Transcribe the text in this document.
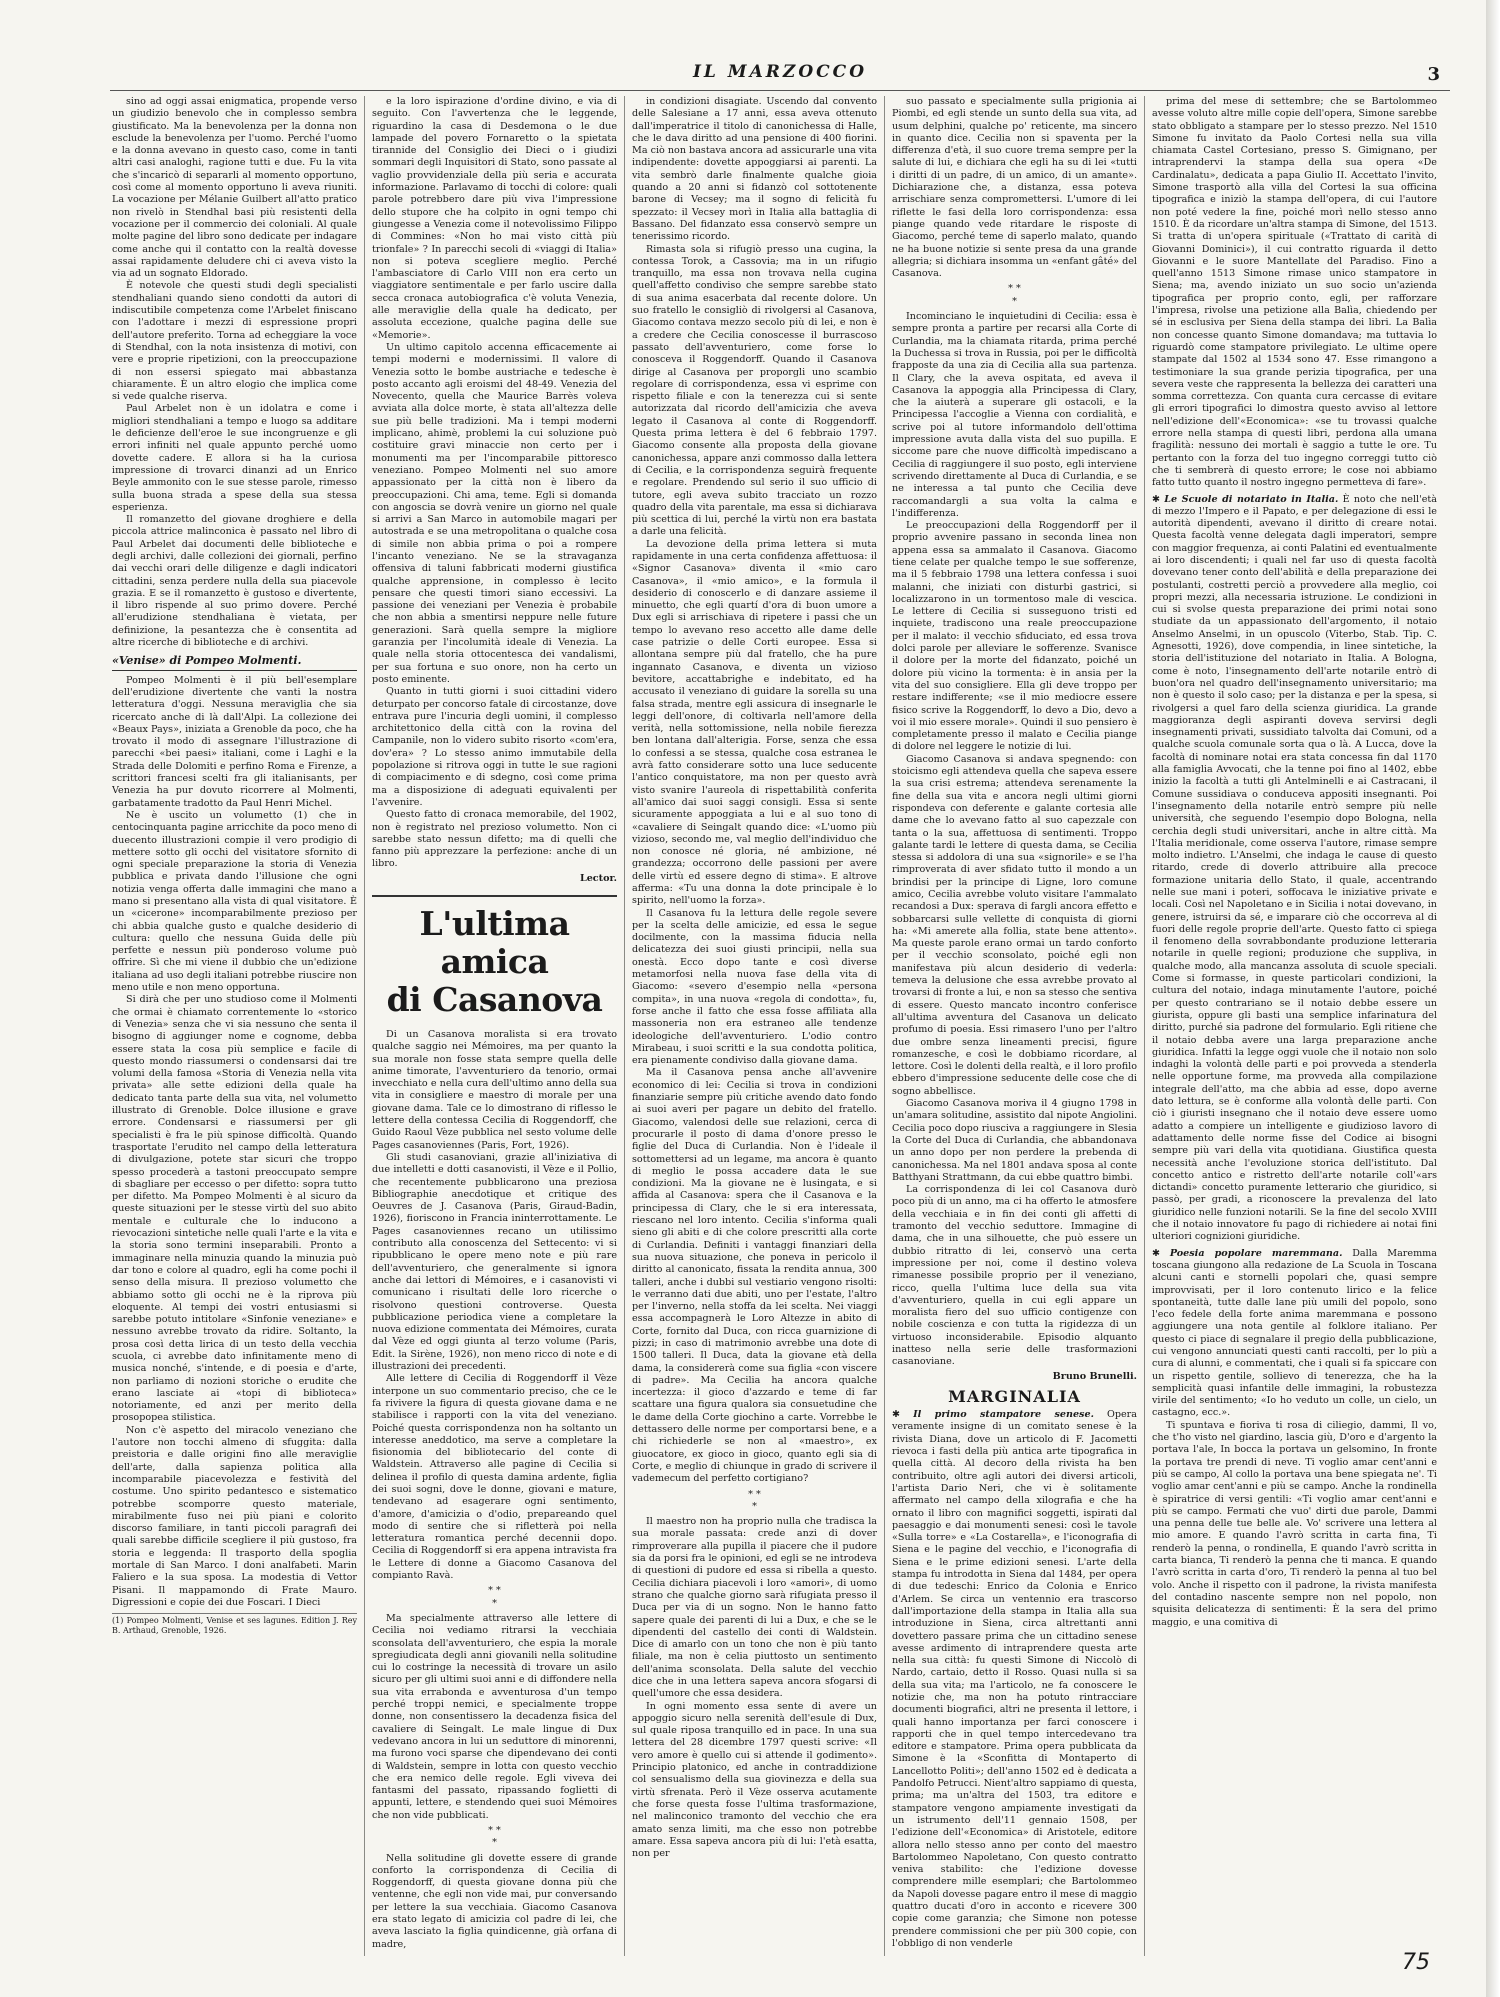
IL MARZOCCO	3

sino ad oggi assai enigmatica, propende verso un giudizio benevolo che in complesso sembra giustificato. Ma la benevolenza per la donna non esclude la benevolenza per l'uomo. Perché l'uomo e la donna avevano in questo caso, come in tanti altri casi analoghi, ragione tutti e due. Fu la vita che s'incaricò di separarli al momento opportuno, così come al momento opportuno li aveva riuniti. La vocazione per Mélanie Guilbert all'atto pratico non rivelò in Stendhal basi più resistenti della vocazione per il commercio dei coloniali. Al quale molte pagine del libro sono dedicate per indagare come anche qui il contatto con la realtà dovesse assai rapidamente deludere chi ci aveva visto la via ad un sognato Eldorado.

È notevole che questi studi degli specialisti stendhaliani quando sieno condotti da autori di indiscutibile competenza come l'Arbelet finiscano con l'adottare i mezzi di espressione propri dell'autore preferito. Torna ad echeggiare la voce di Stendhal, con la nota insistenza di motivi, con vere e proprie ripetizioni, con la preoccupazione di non essersi spiegato mai abbastanza chiaramente. È un altro elogio che implica come si vede qualche riserva.

Paul Arbelet non è un idolatra e come i migliori stendhaliani a tempo e luogo sa additare le deficienze dell'eroe le sue incongruenze e gli errori infiniti nel quale appunto perché uomo dovette cadere. E allora si ha la curiosa impressione di trovarci dinanzi ad un Enrico Beyle ammonito con le sue stesse parole, rimesso sulla buona strada a spese della sua stessa esperienza.

Il romanzetto del giovane droghiere e della piccola attrice malinconica è passato nel libro di Paul Arbelet dai documenti delle biblioteche e degli archivi, dalle collezioni dei giornali, perfino dai vecchi orari delle diligenze e dagli indicatori cittadini, senza perdere nulla della sua piacevole grazia. E se il romanzetto è gustoso e divertente, il libro rispende al suo primo dovere. Perché all'erudizione stendhaliana è vietata, per definizione, la pesantezza che è consentita ad altre ricerche di biblioteche e di archivi.

«Venise» di Pompeo Molmenti.

Pompeo Molmenti è il più bell'esemplare dell'erudizione divertente che vanti la nostra letteratura d'oggi. Nessuna meraviglia che sia ricercato anche di là dall'Alpi. La collezione dei «Beaux Pays», iniziata a Grenoble da poco, che ha trovato il modo di assegnare l'illustrazione di parecchi «bei paesi» italiani, come i Laghi e la Strada delle Dolomiti e perfino Roma e Firenze, a scrittori francesi scelti fra gli italianisants, per Venezia ha pur dovuto ricorrere al Molmenti, garbatamente tradotto da Paul Henri Michel.

Ne è uscito un volumetto (1) che in centocinquanta pagine arricchite da poco meno di duecento illustrazioni compie il vero prodigio di mettere sotto gli occhi del visitatore sfornito di ogni speciale preparazione la storia di Venezia pubblica e privata dando l'illusione che ogni notizia venga offerta dalle immagini che mano a mano si presentano alla vista di qual visitatore. È un «cicerone» incomparabilmente prezioso per chi abbia qualche gusto e qualche desiderio di cultura: quello che nessuna Guida delle più perfette e nessun più ponderoso volume può offrire. Sì che mi viene il dubbio che un'edizione italiana ad uso degli italiani potrebbe riuscire non meno utile e non meno opportuna.

Si dirà che per uno studioso come il Molmenti che ormai è chiamato correntemente lo «storico di Venezia» senza che vi sia nessuno che senta il bisogno di aggiunger nome e cognome, debba essere stata la cosa più semplice e facile di questo mondo riassumersi o condensarsi dai tre volumi della famosa «Storia di Venezia nella vita privata» alle sette edizioni della quale ha dedicato tanta parte della sua vita, nel volumetto illustrato di Grenoble. Dolce illusione e grave errore. Condensarsi e riassumersi per gli specialisti è fra le più spinose difficoltà. Quando trasportate l'erudito nel campo della letteratura di divulgazione, potete star sicuri che troppo spesso procederà a tastoni preoccupato sempre di sbagliare per eccesso o per difetto: sopra tutto per difetto. Ma Pompeo Molmenti è al sicuro da queste situazioni per le stesse virtù del suo abito mentale e culturale che lo inducono a rievocazioni sintetiche nelle quali l'arte e la vita e la storia sono termini inseparabili. Pronto a immaginare nella minuzia quando la minuzia può dar tono e colore al quadro, egli ha come pochi il senso della misura. Il prezioso volumetto che abbiamo sotto gli occhi ne è la riprova più eloquente. Al tempi dei vostri entusiasmi si sarebbe potuto intitolare «Sinfonie veneziane» e nessuno avrebbe trovato da ridire. Soltanto, la prosa così detta lirica di un testo della vecchia scuola, ci avrebbe dato infinitamente meno di musica nonché, s'intende, e di poesia e d'arte, non parliamo di nozioni storiche o erudite che erano lasciate ai «topi di biblioteca» notoriamente, ed anzi per merito della prosopopea stilistica.

Non c'è aspetto del miracolo veneziano che l'autore non tocchi almeno di sfuggita: dalla preistoria e dalle origini fino alle meraviglie dell'arte, dalla sapienza politica alla incomparabile piacevolezza e festività del costume. Uno spirito pedantesco e sistematico potrebbe scomporre questo materiale, mirabilmente fuso nei più piani e colorito discorso familiare, in tanti piccoli paragrafi dei quali sarebbe difficile scegliere il più gustoso, fra storia e leggenda: Il trasporto della spoglia mortale di San Marco. I doni analfabeti. Marin Faliero e la sua sposa. La modestia di Vettor Pisani. Il mappamondo di Frate Mauro. Digressioni e copie dei due Foscari. I Dieci

(1) Pompeo Molmenti, Venise et ses lagunes. Edition J. Rey B. Arthaud, Grenoble, 1926.

e la loro ispirazione d'ordine divino, e via di seguito. Con l'avvertenza che le leggende, riguardino la casa di Desdemona o le due lampade del povero Fornaretto o la spietata tirannide del Consiglio dei Dieci o i giudizi sommari degli Inquisitori di Stato, sono passate al vaglio provvidenziale della più seria e accurata informazione. Parlavamo di tocchi di colore: quali parole potrebbero dare più viva l'impressione dello stupore che ha colpito in ogni tempo chi giungesse a Venezia come il notevolissimo Filippo di Commines: «Non ho mai visto città più trionfale» ? In parecchi secoli di «viaggi di Italia» non si poteva scegliere meglio. Perché l'ambasciatore di Carlo VIII non era certo un viaggiatore sentimentale e per farlo uscire dalla secca cronaca autobiografica c'è voluta Venezia, alle meraviglie della quale ha dedicato, per assoluta eccezione, qualche pagina delle sue «Memorie».

Un ultimo capitolo accenna efficacemente ai tempi moderni e modernissimi. Il valore di Venezia sotto le bombe austriache e tedesche è posto accanto agli eroismi del 48-49. Venezia del Novecento, quella che Maurice Barrès voleva avviata alla dolce morte, è stata all'altezza delle sue più belle tradizioni. Ma i tempi moderni implicano, ahimè, problemi la cui soluzione può costituire gravi minaccie non certo per i monumenti ma per l'incomparabile pittoresco veneziano. Pompeo Molmenti nel suo amore appassionato per la città non è libero da preoccupazioni. Chi ama, teme. Egli si domanda con angoscia se dovrà venire un giorno nel quale si arrivi a San Marco in automobile magari per autostrada e se una metropolitana o qualche cosa di simile non abbia prima o poi a rompere l'incanto veneziano. Ne se la stravaganza offensiva di taluni fabbricati moderni giustifica qualche apprensione, in complesso è lecito pensare che questi timori siano eccessivi. La passione dei veneziani per Venezia è probabile che non abbia a smentirsi neppure nelle future generazioni. Sarà quella sempre la migliore garanzia per l'incolumità ideale di Venezia. La quale nella storia ottocentesca dei vandalismi, per sua fortuna e suo onore, non ha certo un posto eminente.

Quanto in tutti giorni i suoi cittadini videro deturpato per concorso fatale di circostanze, dove entrava pure l'incuria degli uomini, il complesso architettonico della città con la rovina del Campanile, non lo videro subito risorto «com'era, dov'era» ? Lo stesso animo immutabile della popolazione si ritrova oggi in tutte le sue ragioni di compiacimento e di sdegno, così come prima ma a disposizione di adeguati equivalenti per l'avvenire.

Questo fatto di cronaca memorabile, del 1902, non è registrato nel prezioso volumetto. Non ci sarebbe stato nessun difetto; ma di quelli che fanno più apprezzare la perfezione: anche di un libro.

Lector.

L'ultima amica
di Casanova

Di un Casanova moralista si era trovato qualche saggio nei Mémoires, ma per quanto la sua morale non fosse stata sempre quella delle anime timorate, l'avventuriero da tenorio, ormai invecchiato e nella cura dell'ultimo anno della sua vita in consigliere e maestro di morale per una giovane dama. Tale ce lo dimostrano di riflesso le lettere della contessa Cecilia di Roggendorff, che Guido Raoul Vèze pubblica nel sesto volume delle Pages casanoviennes (Paris, Fort, 1926).

Gli studi casanoviani, grazie all'iniziativa di due intelletti e dotti casanovisti, il Vèze e il Pollio, che recentemente pubblicarono una preziosa Bibliographie anecdotique et critique des Oeuvres de J. Casanova (Paris, Giraud-Badin, 1926), fioriscono in Francia ininterrottamente. Le Pages casanoviennes recano un utilissimo contributo alla conoscenza del Settecento: vi si ripubblicano le opere meno note e più rare dell'avventuriero, che generalmente si ignora anche dai lettori di Mémoires, e i casanovisti vi comunicano i risultati delle loro ricerche o risolvono questioni controverse. Questa pubblicazione periodica viene a completare la nuova edizione commentata dei Mémoires, curata dal Vèze ed oggi giunta al terzo volume (Paris, Edit. la Sirène, 1926), non meno ricco di note e di illustrazioni dei precedenti.

Alle lettere di Cecilia di Roggendorff il Vèze interpone un suo commentario preciso, che ce le fa rivivere la figura di questa giovane dama e ne stabilisce i rapporti con la vita del veneziano. Poiché questa corrispondenza non ha soltanto un interesse aneddotico, ma serve a completare la fisionomia del bibliotecario del conte di Waldstein. Attraverso alle pagine di Cecilia si delinea il profilo di questa damina ardente, figlia dei suoi sogni, dove le donne, giovani e mature, tendevano ad esagerare ogni sentimento, d'amore, d'amicizia o d'odio, prepareando quel modo di sentire che si rifletterà poi nella letteratura romantica perché decennii dopo. Cecilia di Roggendorff si era appena intravista fra le Lettere di donne a Giacomo Casanova del compianto Ravà.

* *
*

Ma specialmente attraverso alle lettere di Cecilia noi vediamo ritrarsi la vecchiaia sconsolata dell'avventuriero, che espia la morale spregiudicata degli anni giovanili nella solitudine cui lo costringe la necessità di trovare un asilo sicuro per gli ultimi suoi anni e di diffondere nella sua vita errabonda e avventurosa d'un tempo perché troppi nemici, e specialmente troppe donne, non consentissero la decadenza fisica del cavaliere di Seingalt. Le male lingue di Dux vedevano ancora in lui un seduttore di minorenni, ma furono voci sparse che dipendevano dei conti di Waldstein, sempre in lotta con questo vecchio che era nemico delle regole. Egli viveva dei fantasmi del passato, ripassando foglietti di appunti, lettere, e stendendo quei suoi Mémoires che non vide pubblicati.

* *
*

Nella solitudine gli dovette essere di grande conforto la corrispondenza di Cecilia di Roggendorff, di questa giovane donna più che ventenne, che egli non vide mai, pur conversando per lettere la sua vecchiaia. Giacomo Casanova era stato legato di amicizia col padre di lei, che aveva lasciato la figlia quindicenne, già orfana di madre,

in condizioni disagiate. Uscendo dal convento delle Salesiane a 17 anni, essa aveva ottenuto dall'imperatrice il titolo di canonichessa di Halle, che le dava diritto ad una pensione di 400 fiorini. Ma ciò non bastava ancora ad assicurarle una vita indipendente: dovette appoggiarsi ai parenti. La vita sembrò darle finalmente qualche gioia quando a 20 anni si fidanzò col sottotenente barone di Vecsey; ma il sogno di felicità fu spezzato: il Vecsey morì in Italia alla battaglia di Bassano. Del fidanzato essa conservò sempre un tenerissimo ricordo.

Rimasta sola si rifugiò presso una cugina, la contessa Torok, a Cassovia; ma in un rifugio tranquillo, ma essa non trovava nella cugina quell'affetto condiviso che sempre sarebbe stato di sua anima esacerbata dal recente dolore. Un suo fratello le consigliò di rivolgersi al Casanova, Giacomo contava mezzo secolo più di lei, e non è a credere che Cecilia conoscesse il burrascoso passato dell'avventuriero, come forse lo conosceva il Roggendorff. Quando il Casanova dirige al Casanova per proporgli uno scambio regolare di corrispondenza, essa vi esprime con rispetto filiale e con la tenerezza cui si sente autorizzata dal ricordo dell'amicizia che aveva legato il Casanova al conte di Roggendorff. Questa prima lettera è del 6 febbraio 1797. Giacomo consente alla proposta della giovane canonichessa, appare anzi commosso dalla lettera di Cecilia, e la corrispondenza seguirà frequente e regolare. Prendendo sul serio il suo ufficio di tutore, egli aveva subito tracciato un rozzo quadro della vita parentale, ma essa si dichiarava più scettica di lui, perché la virtù non era bastata a darle una felicità.

La devozione della prima lettera si muta rapidamente in una certa confidenza affettuosa: il «Signor Casanova» diventa il «mio caro Casanova», il «mio amico», e la formula il desiderio di conoscerlo e di danzare assieme il minuetto, che egli quartí d'ora di buon umore a Dux egli si arrischiava di ripetere i passi che un tempo lo avevano reso accetto alle dame delle case patrizie o delle Corti europee. Essa si allontana sempre più dal fratello, che ha pure ingannato Casanova, e diventa un vizioso bevitore, accattabrighe e indebitato, ed ha accusato il veneziano di guidare la sorella su una falsa strada, mentre egli assicura di insegnarle le leggi dell'onore, di coltivarla nell'amore della verità, nella sottomissione, nella nobile fierezza ben lontana dall'alterigia. Forse, senza che essa lo confessi a se stessa, qualche cosa estranea le avrà fatto considerare sotto una luce seducente l'antico conquistatore, ma non per questo avrà visto svanire l'aureola di rispettabilità conferita all'amico dai suoi saggi consigli. Essa si sente sicuramente appoggiata a lui e al suo tono di «cavaliere di Seingalt quando dice: «L'uomo più vizioso, secondo me, val meglio dell'individuo che non conosce né gloria, né ambizione, né grandezza; occorrono delle passioni per avere delle virtù ed essere degno di stima». E altrove afferma: «Tu una donna la dote principale è lo spirito, nell'uomo la forza».

Il Casanova fu la lettura delle regole severe per la scelta delle amicizie, ed essa le segue docilmente, con la massima fiducia nella delicatezza dei suoi giusti principii, nella sua onestà. Ecco dopo tante e così diverse metamorfosi nella nuova fase della vita di Giacomo: «severo d'esempio nella «persona compita», in una nuova «regola di condotta», fu, forse anche il fatto che essa fosse affiliata alla massoneria non era estraneo alle tendenze ideologiche dell'avventuriero. L'odio contro Mirabeau, i suoi scritti e la sua condotta politica, era pienamente condiviso dalla giovane dama.

Ma il Casanova pensa anche all'avvenire economico di lei: Cecilia si trova in condizioni finanziarie sempre più critiche avendo dato fondo ai suoi averi per pagare un debito del fratello. Giacomo, valendosi delle sue relazioni, cerca di procurarle il posto di dama d'onore presso le figlie del Duca di Curlandia. Non è l'ideale il sottomettersi ad un legame, ma ancora è quanto di meglio le possa accadere data le sue condizioni. Ma la giovane ne è lusingata, e si affida al Casanova: spera che il Casanova e la principessa di Clary, che le si era interessata, riescano nel loro intento. Cecilia s'informa quali sieno gli abiti e di che colore prescritti alla corte di Curlandia. Definiti i vantaggi finanziari della sua nuova situazione, che poneva in pericolo il diritto al canonicato, fissata la rendita annua, 300 talleri, anche i dubbi sul vestiario vengono risolti: le verranno dati due abiti, uno per l'estate, l'altro per l'inverno, nella stoffa da lei scelta. Nei viaggi essa accompagnerà le Loro Altezze in abito di Corte, fornito dal Duca, con ricca guarnizione di pizzi; in caso di matrimonio avrebbe una dote di 1500 talleri. Il Duca, data la giovane età della dama, la considererà come sua figlia «con viscere di padre». Ma Cecilia ha ancora qualche incertezza: il gioco d'azzardo e teme di far scattare una figura qualora sia consuetudine che le dame della Corte giochino a carte. Vorrebbe le dettassero delle norme per comportarsi bene, e a chi richiederle se non al «maestro», ex giuocatore, ex gioco in gioco, quanto egli sia di Corte, e meglio di chiunque in grado di scrivere il vademecum del perfetto cortigiano?

* *
*

Il maestro non ha proprio nulla che tradisca la sua morale passata: crede anzi di dover rimproverare alla pupilla il piacere che il pudore sia da porsi fra le opinioni, ed egli se ne introdeva di questioni di pudore ed essa si ribella a questo. Cecilia dichiara piacevoli i loro «amori», di uomo strano che qualche giorno sarà rifugiata presso il Duca per via di un sogno. Non le hanno fatto sapere quale dei parenti di lui a Dux, e che se le dipendenti del castello dei conti di Waldstein. Dice di amarlo con un tono che non è più tanto filiale, ma non è celia piuttosto un sentimento dell'anima sconsolata. Della salute del vecchio dice che in una lettera sapeva ancora sfogarsi di quell'umore che essa desidera.

In ogni momento essa sente di avere un appoggio sicuro nella serenità dell'esule di Dux, sul quale riposa tranquillo ed in pace. In una sua lettera del 28 dicembre 1797 questi scrive: «Il vero amore è quello cui si attende il godimento». Principio platonico, ed anche in contraddizione col sensualismo della sua giovinezza e della sua virtù sfrenata. Però il Vèze osserva acutamente che forse questa fosse l'ultima trasformazione, nel malinconico tramonto del vecchio che era amato senza limiti, ma che esso non potrebbe amare. Essa sapeva ancora più di lui: l'età esatta, non per

suo passato e specialmente sulla prigionia ai Piombi, ed egli stende un sunto della sua vita, ad usum delphini, qualche po' reticente, ma sincero in quanto dice. Cecilia non si spaventa per la differenza d'età, il suo cuore trema sempre per la salute di lui, e dichiara che egli ha su di lei «tutti i diritti di un padre, di un amico, di un amante». Dichiarazione che, a distanza, essa poteva arrischiare senza compromettersi. L'umore di lei riflette le fasi della loro corrispondenza: essa piange quando vede ritardare le risposte di Giacomo, perché teme di saperlo malato, quando ne ha buone notizie si sente presa da una grande allegria; si dichiara insomma un «enfant gâté» del Casanova.

* *
*

Incominciano le inquietudini di Cecilia: essa è sempre pronta a partire per recarsi alla Corte di Curlandia, ma la chiamata ritarda, prima perché la Duchessa si trova in Russia, poi per le difficoltà frapposte da una zia di Cecilia alla sua partenza. Il Clary, che la aveva ospitata, ed aveva il Casanova la appoggia alla Principessa di Clary, che la aiuterà a superare gli ostacoli, e la Principessa l'accoglie a Vienna con cordialità, e scrive poi al tutore informandolo dell'ottima impressione avuta dalla vista del suo pupilla. E siccome pare che nuove difficoltà impediscano a Cecilia di raggiungere il suo posto, egli interviene scrivendo direttamente al Duca di Curlandia, e se ne interessa a tal punto che Cecilia deve raccomandargli a sua volta la calma e l'indifferenza.

Le preoccupazioni della Roggendorff per il proprio avvenire passano in seconda linea non appena essa sa ammalato il Casanova. Giacomo tiene celate per qualche tempo le sue sofferenze, ma il 5 febbraio 1798 una lettera confessa i suoi malanni, che iniziati con disturbi gastrici, si localizzarono in un tormentoso male di vescica. Le lettere di Cecilia si susseguono tristi ed inquiete, tradiscono una reale preoccupazione per il malato: il vecchio sfiduciato, ed essa trova dolci parole per alleviare le sofferenze. Svanisce il dolore per la morte del fidanzato, poiché un dolore più vicino la tormenta: è in ansia per la vita del suo consigliere. Ella gli deve troppo per restare indifferente; «se il mio mediocre essere fisico scrive la Roggendorff, lo devo a Dio, devo a voi il mio essere morale». Quindi il suo pensiero è completamente presso il malato e Cecilia piange di dolore nel leggere le notizie di lui.

Giacomo Casanova si andava spegnendo: con stoicismo egli attendeva quella che sapeva essere la sua crisi estrema; attendeva serenamente la fine della sua vita e ancora negli ultimi giorni rispondeva con deferente e galante cortesia alle dame che lo avevano fatto al suo capezzale con tanta o la sua, affettuosa di sentimenti. Troppo galante tardi le lettere di questa dama, se Cecilia stessa si addolora di una sua «signorile» e se l'ha rimproverata di aver sfidato tutto il mondo a un brindisi per la principe di Ligne, loro comune amico, Cecilia avrebbe voluto visitare l'ammalato recandosi a Dux: sperava di fargli ancora effetto e sobbarcarsi sulle vellette di conquista di giorni ha: «Mi amerete alla follia, state bene attento». Ma queste parole erano ormai un tardo conforto per il vecchio sconsolato, poiché egli non manifestava più alcun desiderio di vederla: temeva la delusione che essa avrebbe provato al trovarsi di fronte a lui, e non sa stesso che sentiva di essere. Questo mancato incontro conferisce all'ultima avventura del Casanova un delicato profumo di poesia. Essi rimasero l'uno per l'altro due ombre senza lineamenti precisi, figure romanzesche, e così le dobbiamo ricordare, al lettore. Così le dolenti della realtà, e il loro profilo ebbero d'impressione seducente delle cose che di sogno abbellisce.

Giacomo Casanova moriva il 4 giugno 1798 in un'amara solitudine, assistito dal nipote Angiolini. Cecilia poco dopo riusciva a raggiungere in Slesia la Corte del Duca di Curlandia, che abbandonava un anno dopo per non perdere la prebenda di canonichessa. Ma nel 1801 andava sposa al conte Batthyani Strattmann, da cui ebbe quattro bimbi.

La corrispondenza di lei col Casanova durò poco più di un anno, ma ci ha offerto le atmosfere della vecchiaia e in fin dei conti gli affetti di tramonto del vecchio seduttore. Immagine di dama, che in una silhouette, che può essere un dubbio ritratto di lei, conservò una certa impressione per noi, come il destino voleva rimanesse possibile proprio per il veneziano, ricco, quella l'ultima luce della sua vita d'avventuriero, quella in cui egli appare un moralista fiero del suo ufficio contigenze con nobile coscienza e con tutta la rigidezza di un virtuoso inconsiderabile. Episodio alquanto inatteso nella serie delle trasformazioni casanoviane.

Bruno Brunelli.

MARGINALIA

✱ Il primo stampatore senese. Opera veramente insigne di un comitato senese è la rivista Diana, dove un articolo di F. Jacometti rievoca i fasti della più antica arte tipografica in quella città. Al decoro della rivista ha ben contribuito, oltre agli autori dei diversi articoli, l'artista Dario Neri, che vi è solitamente affermato nel campo della xilografia e che ha ornato il libro con magnifici soggetti, ispirati dal paesaggio e dai monumenti senesi: così le tavole «Sulla torre» e «La Costarella», e l'iconografia di Siena e le pagine del vecchio, e l'iconografia di Siena e le prime edizioni senesi. L'arte della stampa fu introdotta in Siena dal 1484, per opera di due tedeschi: Enrico da Colonia e Enrico d'Arlem. Se circa un ventennio era trascorso dall'importazione della stampa in Italia alla sua introduzione in Siena, circa altrettanti anni dovettero passare prima che un cittadino senese avesse ardimento di intraprendere questa arte nella sua città: fu questi Simone di Niccolò di Nardo, cartaio, detto il Rosso. Quasi nulla si sa della sua vita; ma l'articolo, ne fa conoscere le notizie che, ma non ha potuto rintracciare documenti biografici, altri ne presenta il lettore, i quali hanno importanza per farci conoscere i rapporti che in quel tempo intercedevano tra editore e stampatore. Prima opera pubblicata da Simone è la «Sconfitta di Montaperto di Lancellotto Politi»; dell'anno 1502 ed è dedicata a Pandolfo Petrucci. Nient'altro sappiamo di questa, prima; ma un'altra del 1503, tra editore e stampatore vengono ampiamente investigati da un istrumento dell'11 gennaio 1508, per l'edizione dell'«Economica» di Aristotele, editore allora nello stesso anno per conto del maestro Bartolommeo Napoletano, Con questo contratto veniva stabilito: che l'edizione dovesse comprendere mille esemplari; che Bartolommeo da Napoli dovesse pagare entro il mese di maggio quattro ducati d'oro in acconto e ricevere 300 copie come garanzia; che Simone non potesse prendere commissioni che per più 300 copie, con l'obbligo di non venderle

prima del mese di settembre; che se Bartolommeo avesse voluto altre mille copie dell'opera, Simone sarebbe stato obbligato a stampare per lo stesso prezzo. Nel 1510 Simone fu invitato da Paolo Cortesi nella sua villa chiamata Castel Cortesiano, presso S. Gimignano, per intraprendervi la stampa della sua opera «De Cardinalatu», dedicata a papa Giulio II. Accettato l'invito, Simone trasportò alla villa del Cortesi la sua officina tipografica e iniziò la stampa dell'opera, di cui l'autore non poté vedere la fine, poiché morì nello stesso anno 1510. È da ricordare un'altra stampa di Simone, del 1513. Si tratta di un'opera spirituale («Trattato di carità di Giovanni Dominici»), il cui contratto riguarda il detto Giovanni e le suore Mantellate del Paradiso. Fino a quell'anno 1513 Simone rimase unico stampatore in Siena; ma, avendo iniziato un suo socio un'azienda tipografica per proprio conto, egli, per rafforzare l'impresa, rivolse una petizione alla Balìa, chiedendo per sé in esclusiva per Siena della stampa dei libri. La Balìa non concesse quanto Simone domandava; ma tuttavia lo riguardò come stampatore privilegiato. Le ultime opere stampate dal 1502 al 1534 sono 47. Esse rimangono a testimoniare la sua grande perizia tipografica, per una severa veste che rappresenta la bellezza dei caratteri una somma correttezza. Con quanta cura cercasse di evitare gli errori tipografici lo dimostra questo avviso al lettore nell'edizione dell'«Economica»: «se tu trovassi qualche errore nella stampa di questi libri, perdona alla umana fragilità: nessuno dei mortali è saggio a tutte le ore. Tu pertanto con la forza del tuo ingegno correggi tutto ciò che ti sembrerà di questo errore; le cose noi abbiamo fatto tutto quanto il nostro ingegno permetteva di fare».

✱ Le Scuole di notariato in Italia. È noto che nell'età di mezzo l'Impero e il Papato, e per delegazione di essi le autorità dipendenti, avevano il diritto di creare notai. Questa facoltà venne delegata dagli imperatori, sempre con maggior frequenza, ai conti Palatini ed eventualmente ai loro discendenti; i quali nel far uso di questa facoltà dovevano tener conto dell'abilità e della preparazione dei postulanti, costretti perciò a provvedere alla meglio, coi propri mezzi, alla necessaria istruzione. Le condizioni in cui si svolse questa preparazione dei primi notai sono studiate da un appassionato dell'argomento, il notaio Anselmo Anselmi, in un opuscolo (Viterbo, Stab. Tip. C. Agnesotti, 1926), dove compendia, in linee sintetiche, la storia dell'istituzione del notariato in Italia. A Bologna, come è noto, l'insegnamento dell'arte notarile entrò di buon'ora nel quadro dell'insegnamento universitario; ma non è questo il solo caso; per la distanza e per la spesa, si rivolgersi a quel faro della scienza giuridica. La grande maggioranza degli aspiranti doveva servirsi degli insegnamenti privati, sussidiato talvolta dai Comuni, od a qualche scuola comunale sorta qua o là. A Lucca, dove la facoltà di nominare notai era stata concessa fin dal 1170 alla famiglia Avvocati, che la tenne poi fino al 1402, ebbe inizio la facoltà a tutti gli Antelminelli e ai Castracani, il Comune sussidiava o conduceva appositi insegnanti. Poi l'insegnamento della notarile entrò sempre più nelle università, che seguendo l'esempio dopo Bologna, nella cerchia degli studi universitari, anche in altre città. Ma l'Italia meridionale, come osserva l'autore, rimase sempre molto indietro. L'Anselmi, che indaga le cause di questo ritardo, crede di doverlo attribuire alla precoce formazione unitaria dello Stato, il quale, accentrando nelle sue mani i poteri, soffocava le iniziative private e locali. Così nel Napoletano e in Sicilia i notai dovevano, in genere, istruirsi da sé, e imparare ciò che occorreva al di fuori delle regole proprie dell'arte. Questo fatto ci spiega il fenomeno della sovrabbondante produzione letteraria notarile in quelle regioni; produzione che suppliva, in qualche modo, alla mancanza assoluta di scuole speciali. Come si formasse, in queste particolari condizioni, la cultura del notaio, indaga minutamente l'autore, poiché per questo contrariano se il notaio debbe essere un giurista, oppure gli basti una semplice infarinatura del diritto, purché sia padrone del formulario. Egli ritiene che il notaio debba avere una larga preparazione anche giuridica. Infatti la legge oggi vuole che il notaio non solo indaghi la volontà delle parti e poi provveda a stenderla nelle opportune forme, ma provveda alla compilazione integrale dell'atto, ma che abbia ad esse, dopo averne dato lettura, se è conforme alla volontà delle parti. Con ciò i giuristi insegnano che il notaio deve essere uomo adatto a compiere un intelligente e giudizioso lavoro di adattamento delle norme fisse del Codice ai bisogni sempre più vari della vita quotidiana. Giustifica questa necessità anche l'evoluzione storica dell'istituto. Dal concetto antico e ristretto dell'arte notarile coll'«ars dictandi» concetto puramente letterario che giuridico, si passò, per gradi, a riconoscere la prevalenza del lato giuridico nelle funzioni notarili. Se la fine del secolo XVIII che il notaio innovatore fu pago di richiedere ai notai fini ulteriori cognizioni giuridiche.

✱ Poesia popolare maremmana. Dalla Maremma toscana giungono alla redazione de La Scuola in Toscana alcuni canti e stornelli popolari che, quasi sempre improvvisati, per il loro contenuto lirico e la felice spontaneità, tutte dalle lane più umili del popolo, sono l'eco fedele della forte anima maremmana e possono aggiungere una nota gentile al folklore italiano. Per questo ci piace di segnalare il pregio della pubblicazione, cui vengono annunciati questi canti raccolti, per lo più a cura di alunni, e commentati, che i quali si fa spiccare con un rispetto gentile, sollievo di tenerezza, che ha la semplicità quasi infantile delle immagini, la robustezza virile del sentimento; «Io ho veduto un colle, un cielo, un castagno, ecc.».

Ti spuntava e fioriva ti rosa di ciliegio, dammi, Il vo, che t'ho visto nel giardino, lascia giù, D'oro e d'argento la portava l'ale, In bocca la portava un gelsomino, In fronte la portava tre prendi di neve. Ti voglio amar cent'anni e più se campo, Al collo la portava una bene spiegata ne'. Ti voglio amar cent'anni e più se campo. Anche la rondinella è spiratrice di versi gentili: «Ti voglio amar cent'anni e più se campo. Fermati che vuo' dirti due parole, Dammi una penna delle tue belle ale. Vo' scrivere una lettera al mio amore. E quando l'avrò scritta in carta fina, Ti renderò la penna, o rondinella, E quando l'avrò scritta in carta bianca, Ti renderò la penna che ti manca. E quando l'avrò scritta in carta d'oro, Ti renderò la penna al tuo bel volo. Anche il rispetto con il padrone, la rivista manifesta del contadino nascente sempre non nel popolo, non squisita delicatezza di sentimenti: È la sera del primo maggio, e una comitiva di

75
